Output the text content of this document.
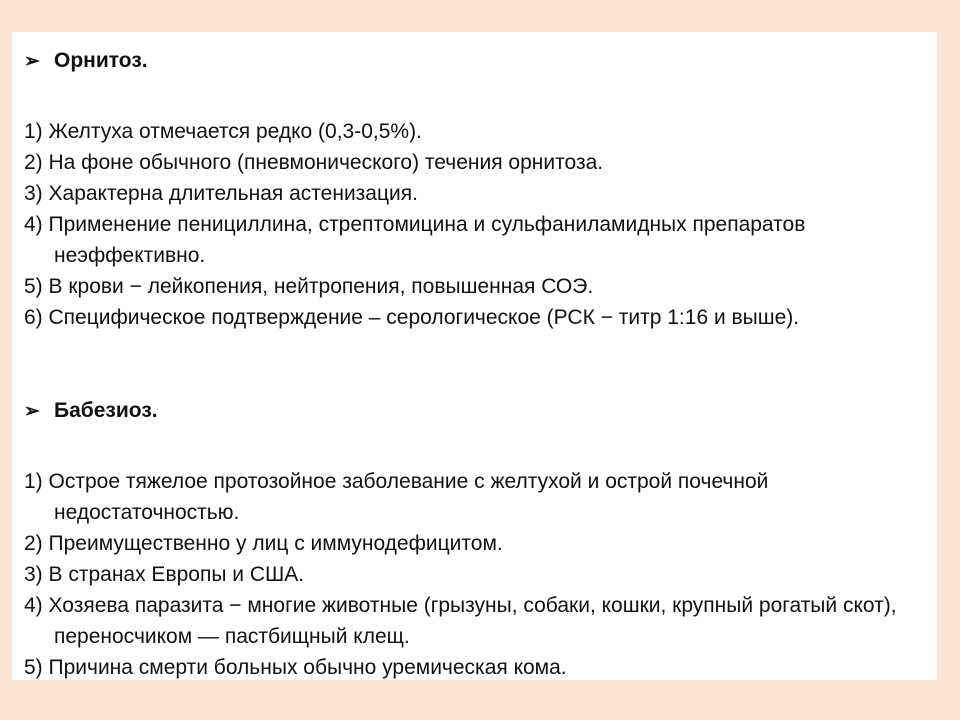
➢ Орнитоз.
1) Желтуха отмечается редко (0,3-0,5%).
2) На фоне обычного (пневмонического) течения орнитоза.
3) Характерна длительная астенизация.
4) Применение пенициллина, стрептомицина и сульфаниламидных препаратов неэффективно.
5) В крови − лейкопения, нейтропения, повышенная СОЭ.
6) Специфическое подтверждение – серологическое (РСК − титр 1:16 и выше).
➢ Бабезиоз.
1) Острое тяжелое протозойное заболевание с желтухой и острой почечной недостаточностью.
2) Преимущественно у лиц с иммунодефицитом.
3) В странах Европы и США.
4) Хозяева паразита − многие животные (грызуны, собаки, кошки, крупный рогатый скот), переносчиком — пастбищный клещ.
5) Причина смерти больных обычно уремическая кома.
